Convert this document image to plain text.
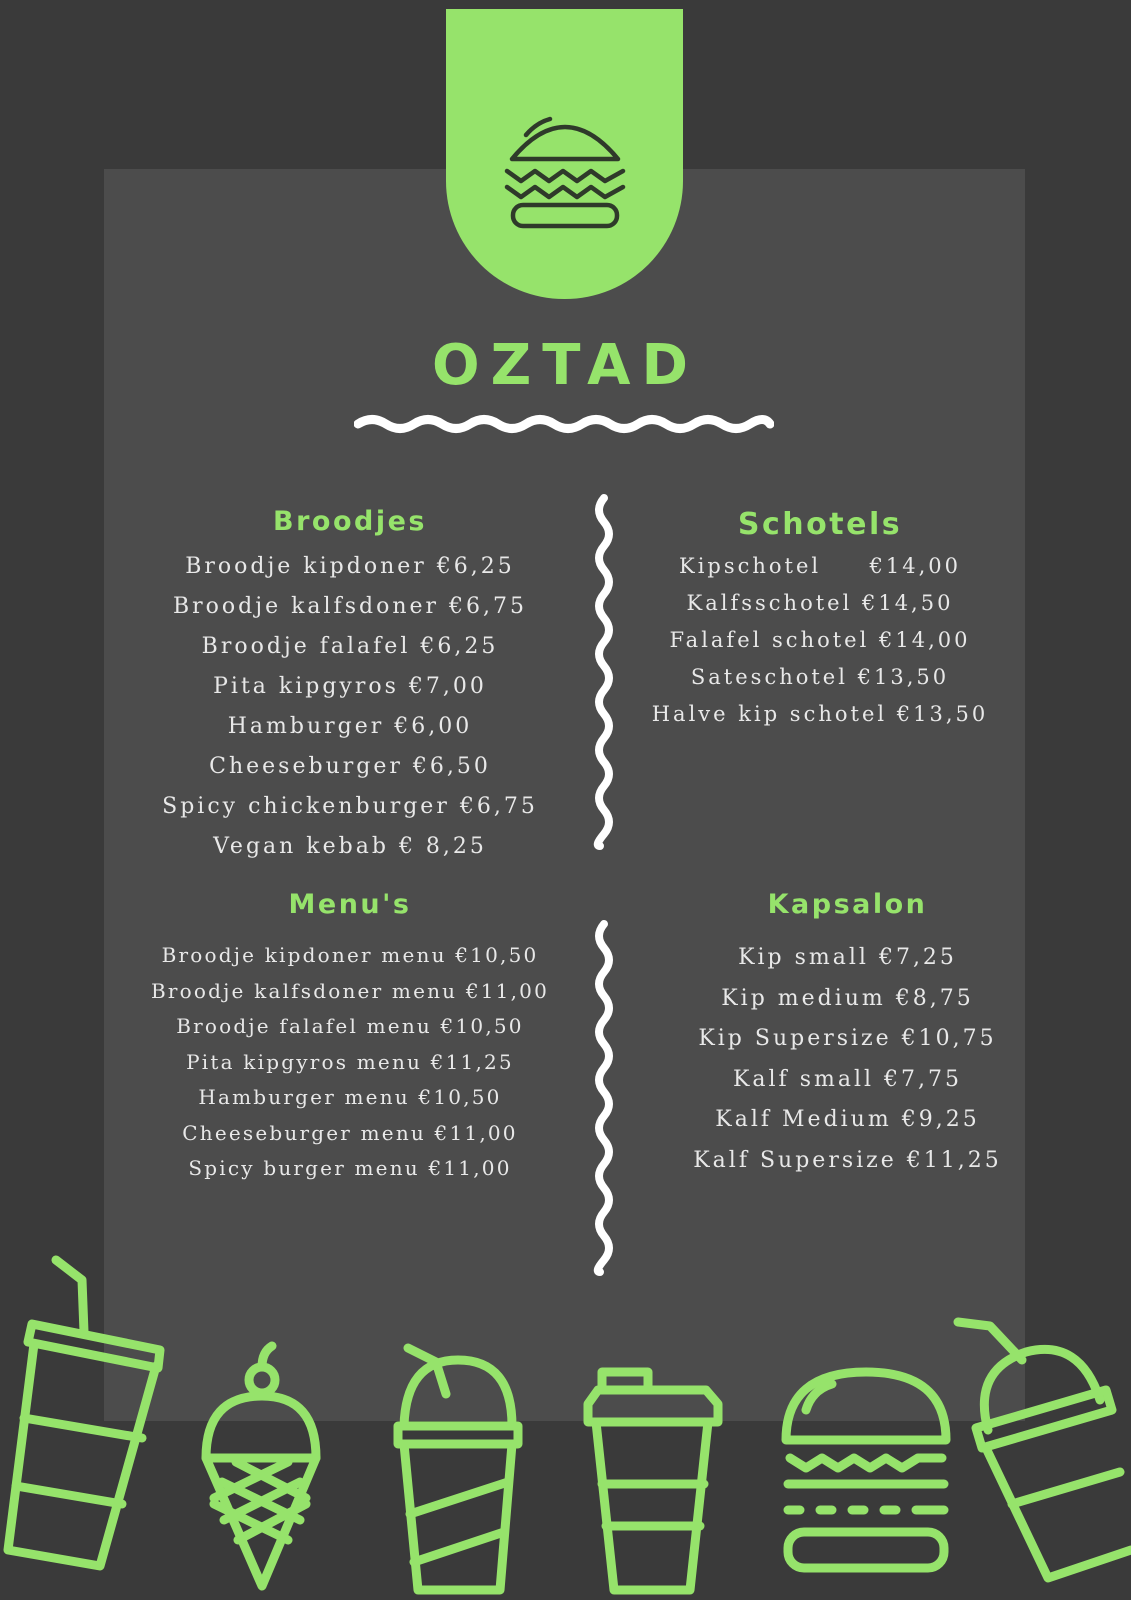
OZTAD
Broodjes
Broodje kipdoner €6,25
Broodje kalfsdoner €6,75
Broodje falafel €6,25
Pita kipgyros €7,00
Hamburger €6,00
Cheeseburger €6,50
Spicy chickenburger €6,75
Vegan kebab € 8,25
Schotels
Kipschotel     €14,00
Kalfsschotel €14,50
Falafel schotel €14,00
Sateschotel €13,50
Halve kip schotel €13,50
Menu's
Broodje kipdoner menu €10,50
Broodje kalfsdoner menu €11,00
Broodje falafel menu €10,50
Pita kipgyros menu €11,25
Hamburger menu €10,50
Cheeseburger menu €11,00
Spicy burger menu €11,00
Kapsalon
Kip small €7,25
Kip medium €8,75
Kip Supersize €10,75
Kalf small €7,75
Kalf Medium €9,25
Kalf Supersize €11,25
